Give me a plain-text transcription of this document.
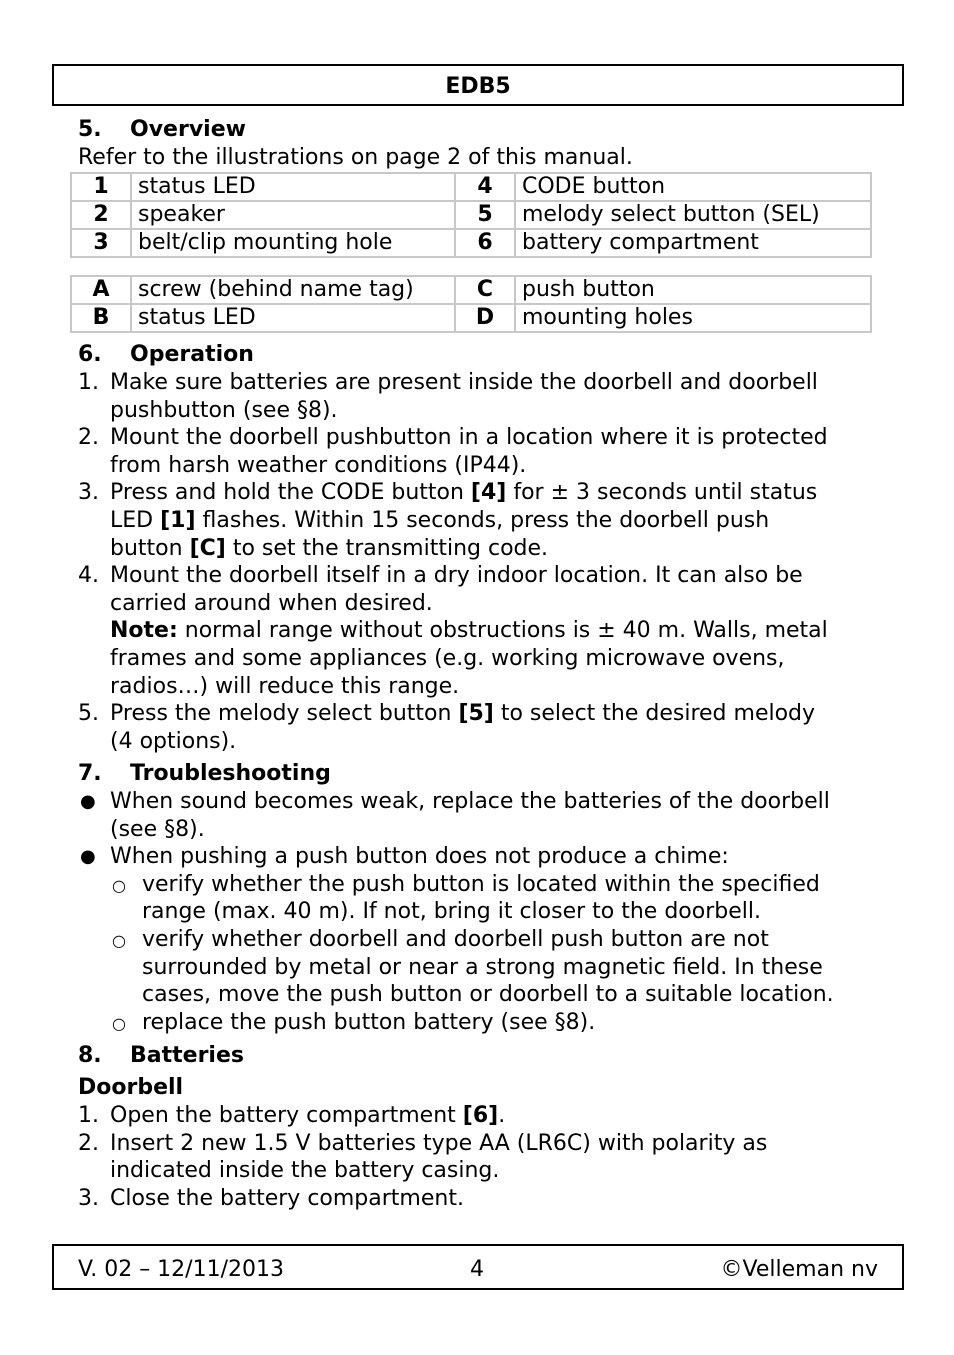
EDB5
5. Overview
Refer to the illustrations on page 2 of this manual.
1	status LED	4	CODE button
2	speaker	5	melody select button (SEL)
3	belt/clip mounting hole	6	battery compartment
A	screw (behind name tag)	C	push button
B	status LED	D	mounting holes
6. Operation
1. Make sure batteries are present inside the doorbell and doorbell
pushbutton (see §8).
2. Mount the doorbell pushbutton in a location where it is protected
from harsh weather conditions (IP44).
3. Press and hold the CODE button [4] for ± 3 seconds until status
LED [1] flashes. Within 15 seconds, press the doorbell push
button [C] to set the transmitting code.
4. Mount the doorbell itself in a dry indoor location. It can also be
carried around when desired.
Note: normal range without obstructions is ± 40 m. Walls, metal
frames and some appliances (e.g. working microwave ovens,
radios…) will reduce this range.
5. Press the melody select button [5] to select the desired melody
(4 options).
7. Troubleshooting
● When sound becomes weak, replace the batteries of the doorbell
(see §8).
● When pushing a push button does not produce a chime:
○ verify whether the push button is located within the specified
range (max. 40 m). If not, bring it closer to the doorbell.
○ verify whether doorbell and doorbell push button are not
surrounded by metal or near a strong magnetic field. In these
cases, move the push button or doorbell to a suitable location.
○ replace the push button battery (see §8).
8. Batteries
Doorbell
1. Open the battery compartment [6].
2. Insert 2 new 1.5 V batteries type AA (LR6C) with polarity as
indicated inside the battery casing.
3. Close the battery compartment.
V. 02 – 12/11/2013	4	©Velleman nv
